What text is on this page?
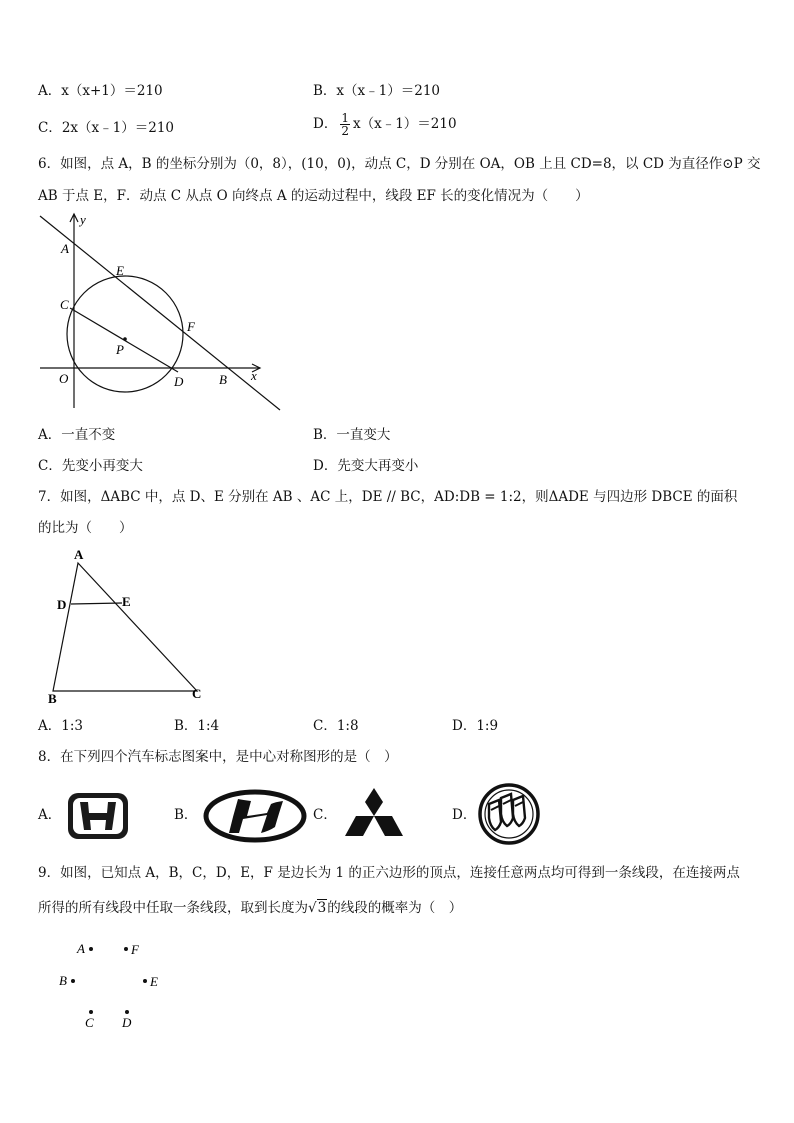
A．x（x+1）＝210	B．x（x﹣1）＝210
C．2x（x﹣1）＝210	D． $\frac{1}{2}$ x（x﹣1）＝210
6．如图，点 A，B 的坐标分别为（0，8），(10，0)，动点 C，D 分别在 OA，OB 上且 CD=8，以 CD 为直径作⊙P 交
AB 于点 E，F．动点 C 从点 O 向终点 A 的运动过程中，线段 EF 长的变化情况为（　　）
y
A
E
C
F
P
O	D	B x
A．一直不变	B．一直变大
C．先变小再变大	D．先变大再变小
7．如图，ΔABC 中，点 D、E 分别在 AB 、AC 上，DE // BC，AD:DB = 1:2，则ΔADE 与四边形 DBCE 的面积
的比为（　　）
A
D	E
B	C
A．1:3	B．1:4	C．1:8	D．1:9
8．在下列四个汽车标志图案中，是中心对称图形的是（　）
A．	B．	C．	D．
9．如图，已知点 A，B，C，D，E，F 是边长为 1 的正六边形的顶点，连接任意两点均可得到一条线段，在连接两点
所得的所有线段中任取一条线段，取到长度为√3的线段的概率为（　）
A	F
B	E
C D
